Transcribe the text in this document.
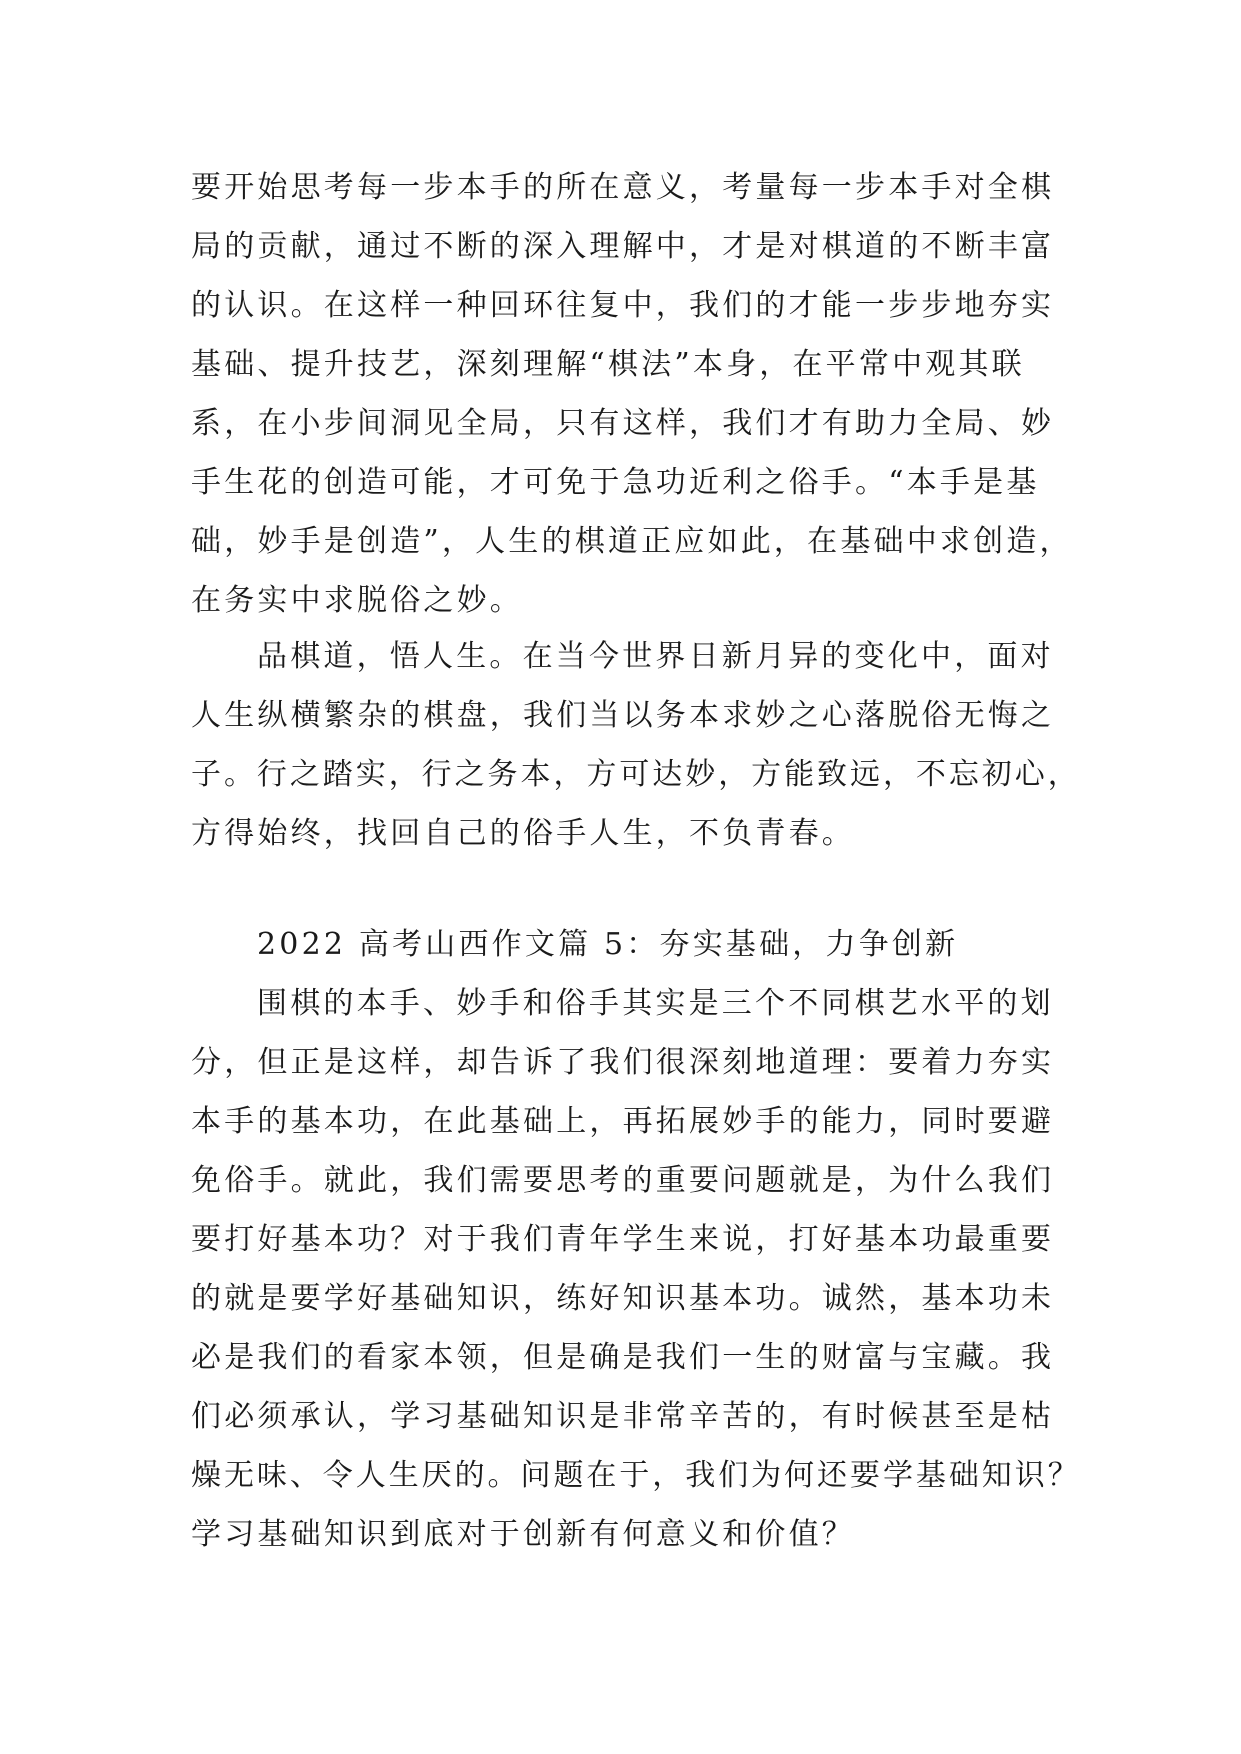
要开始思考每一步本手的所在意义，考量每一步本手对全棋
局的贡献，通过不断的深入理解中，才是对棋道的不断丰富
的认识。在这样一种回环往复中，我们的才能一步步地夯实
基础、提升技艺，深刻理解“棋法”本身，在平常中观其联
系，在小步间洞见全局，只有这样，我们才有助力全局、妙
手生花的创造可能，才可免于急功近利之俗手。“本手是基
础，妙手是创造”，人生的棋道正应如此，在基础中求创造，
在务实中求脱俗之妙。
品棋道，悟人生。在当今世界日新月异的变化中，面对
人生纵横繁杂的棋盘，我们当以务本求妙之心落脱俗无悔之
子。行之踏实，行之务本，方可达妙，方能致远，不忘初心，
方得始终，找回自己的俗手人生，不负青春。
2022 高考山西作文篇 5：夯实基础，力争创新
围棋的本手、妙手和俗手其实是三个不同棋艺水平的划
分，但正是这样，却告诉了我们很深刻地道理：要着力夯实
本手的基本功，在此基础上，再拓展妙手的能力，同时要避
免俗手。就此，我们需要思考的重要问题就是，为什么我们
要打好基本功？对于我们青年学生来说，打好基本功最重要
的就是要学好基础知识，练好知识基本功。诚然，基本功未
必是我们的看家本领，但是确是我们一生的财富与宝藏。我
们必须承认，学习基础知识是非常辛苦的，有时候甚至是枯
燥无味、令人生厌的。问题在于，我们为何还要学基础知识？
学习基础知识到底对于创新有何意义和价值？
